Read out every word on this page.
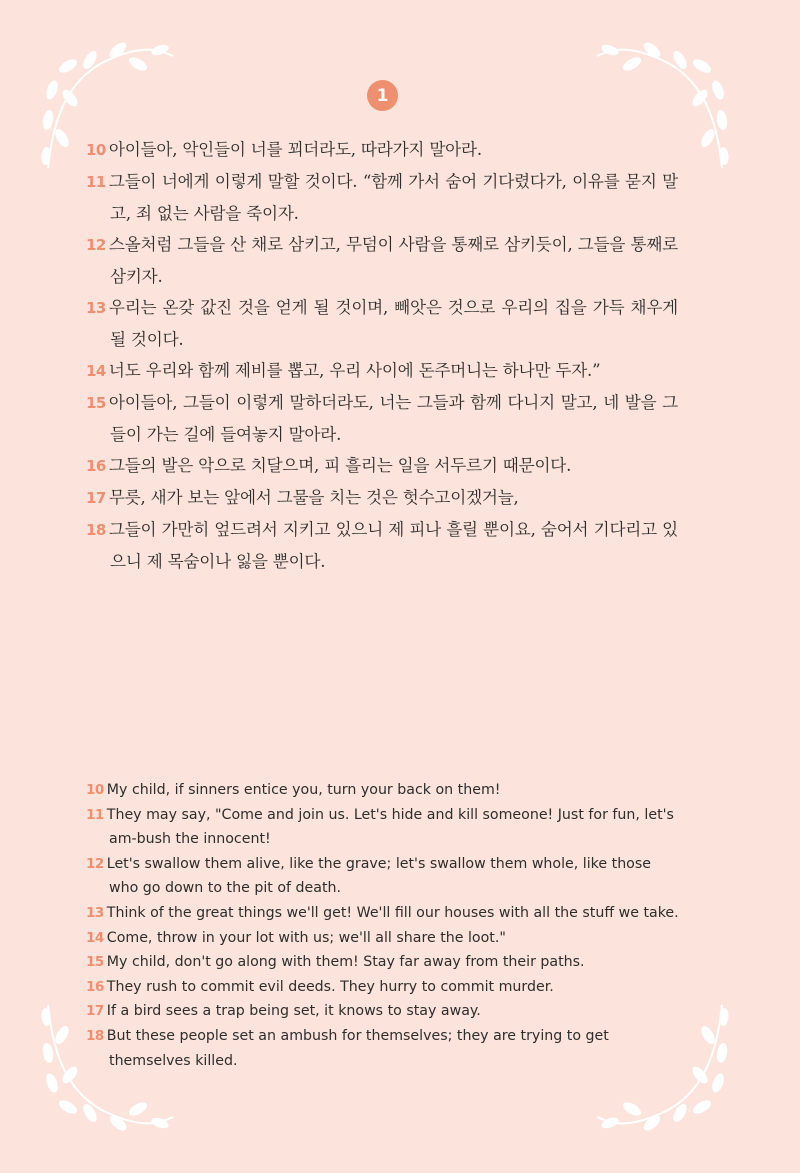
1
10 아이들아, 악인들이 너를 꾀더라도, 따라가지 말아라.
11 그들이 너에게 이렇게 말할 것이다. “함께 가서 숨어 기다렸다가, 이유를 묻지 말고, 죄 없는 사람을 죽이자.
12 스올처럼 그들을 산 채로 삼키고, 무덤이 사람을 통째로 삼키듯이, 그들을 통째로 삼키자.
13 우리는 온갖 값진 것을 얻게 될 것이며, 빼앗은 것으로 우리의 집을 가득 채우게 될 것이다.
14 너도 우리와 함께 제비를 뽑고, 우리 사이에 돈주머니는 하나만 두자.”
15 아이들아, 그들이 이렇게 말하더라도, 너는 그들과 함께 다니지 말고, 네 발을 그들이 가는 길에 들여놓지 말아라.
16 그들의 발은 악으로 치달으며, 피 흘리는 일을 서두르기 때문이다.
17 무릇, 새가 보는 앞에서 그물을 치는 것은 헛수고이겠거늘,
18 그들이 가만히 엎드려서 지키고 있으니 제 피나 흘릴 뿐이요, 숨어서 기다리고 있으니 제 목숨이나 잃을 뿐이다.
10 My child, if sinners entice you, turn your back on them!
11 They may say, "Come and join us. Let's hide and kill someone! Just for fun, let's am-bush the innocent!
12 Let's swallow them alive, like the grave; let's swallow them whole, like those who go down to the pit of death.
13 Think of the great things we'll get! We'll fill our houses with all the stuff we take.
14 Come, throw in your lot with us; we'll all share the loot."
15 My child, don't go along with them! Stay far away from their paths.
16 They rush to commit evil deeds. They hurry to commit murder.
17 If a bird sees a trap being set, it knows to stay away.
18 But these people set an ambush for themselves; they are trying to get themselves killed.
